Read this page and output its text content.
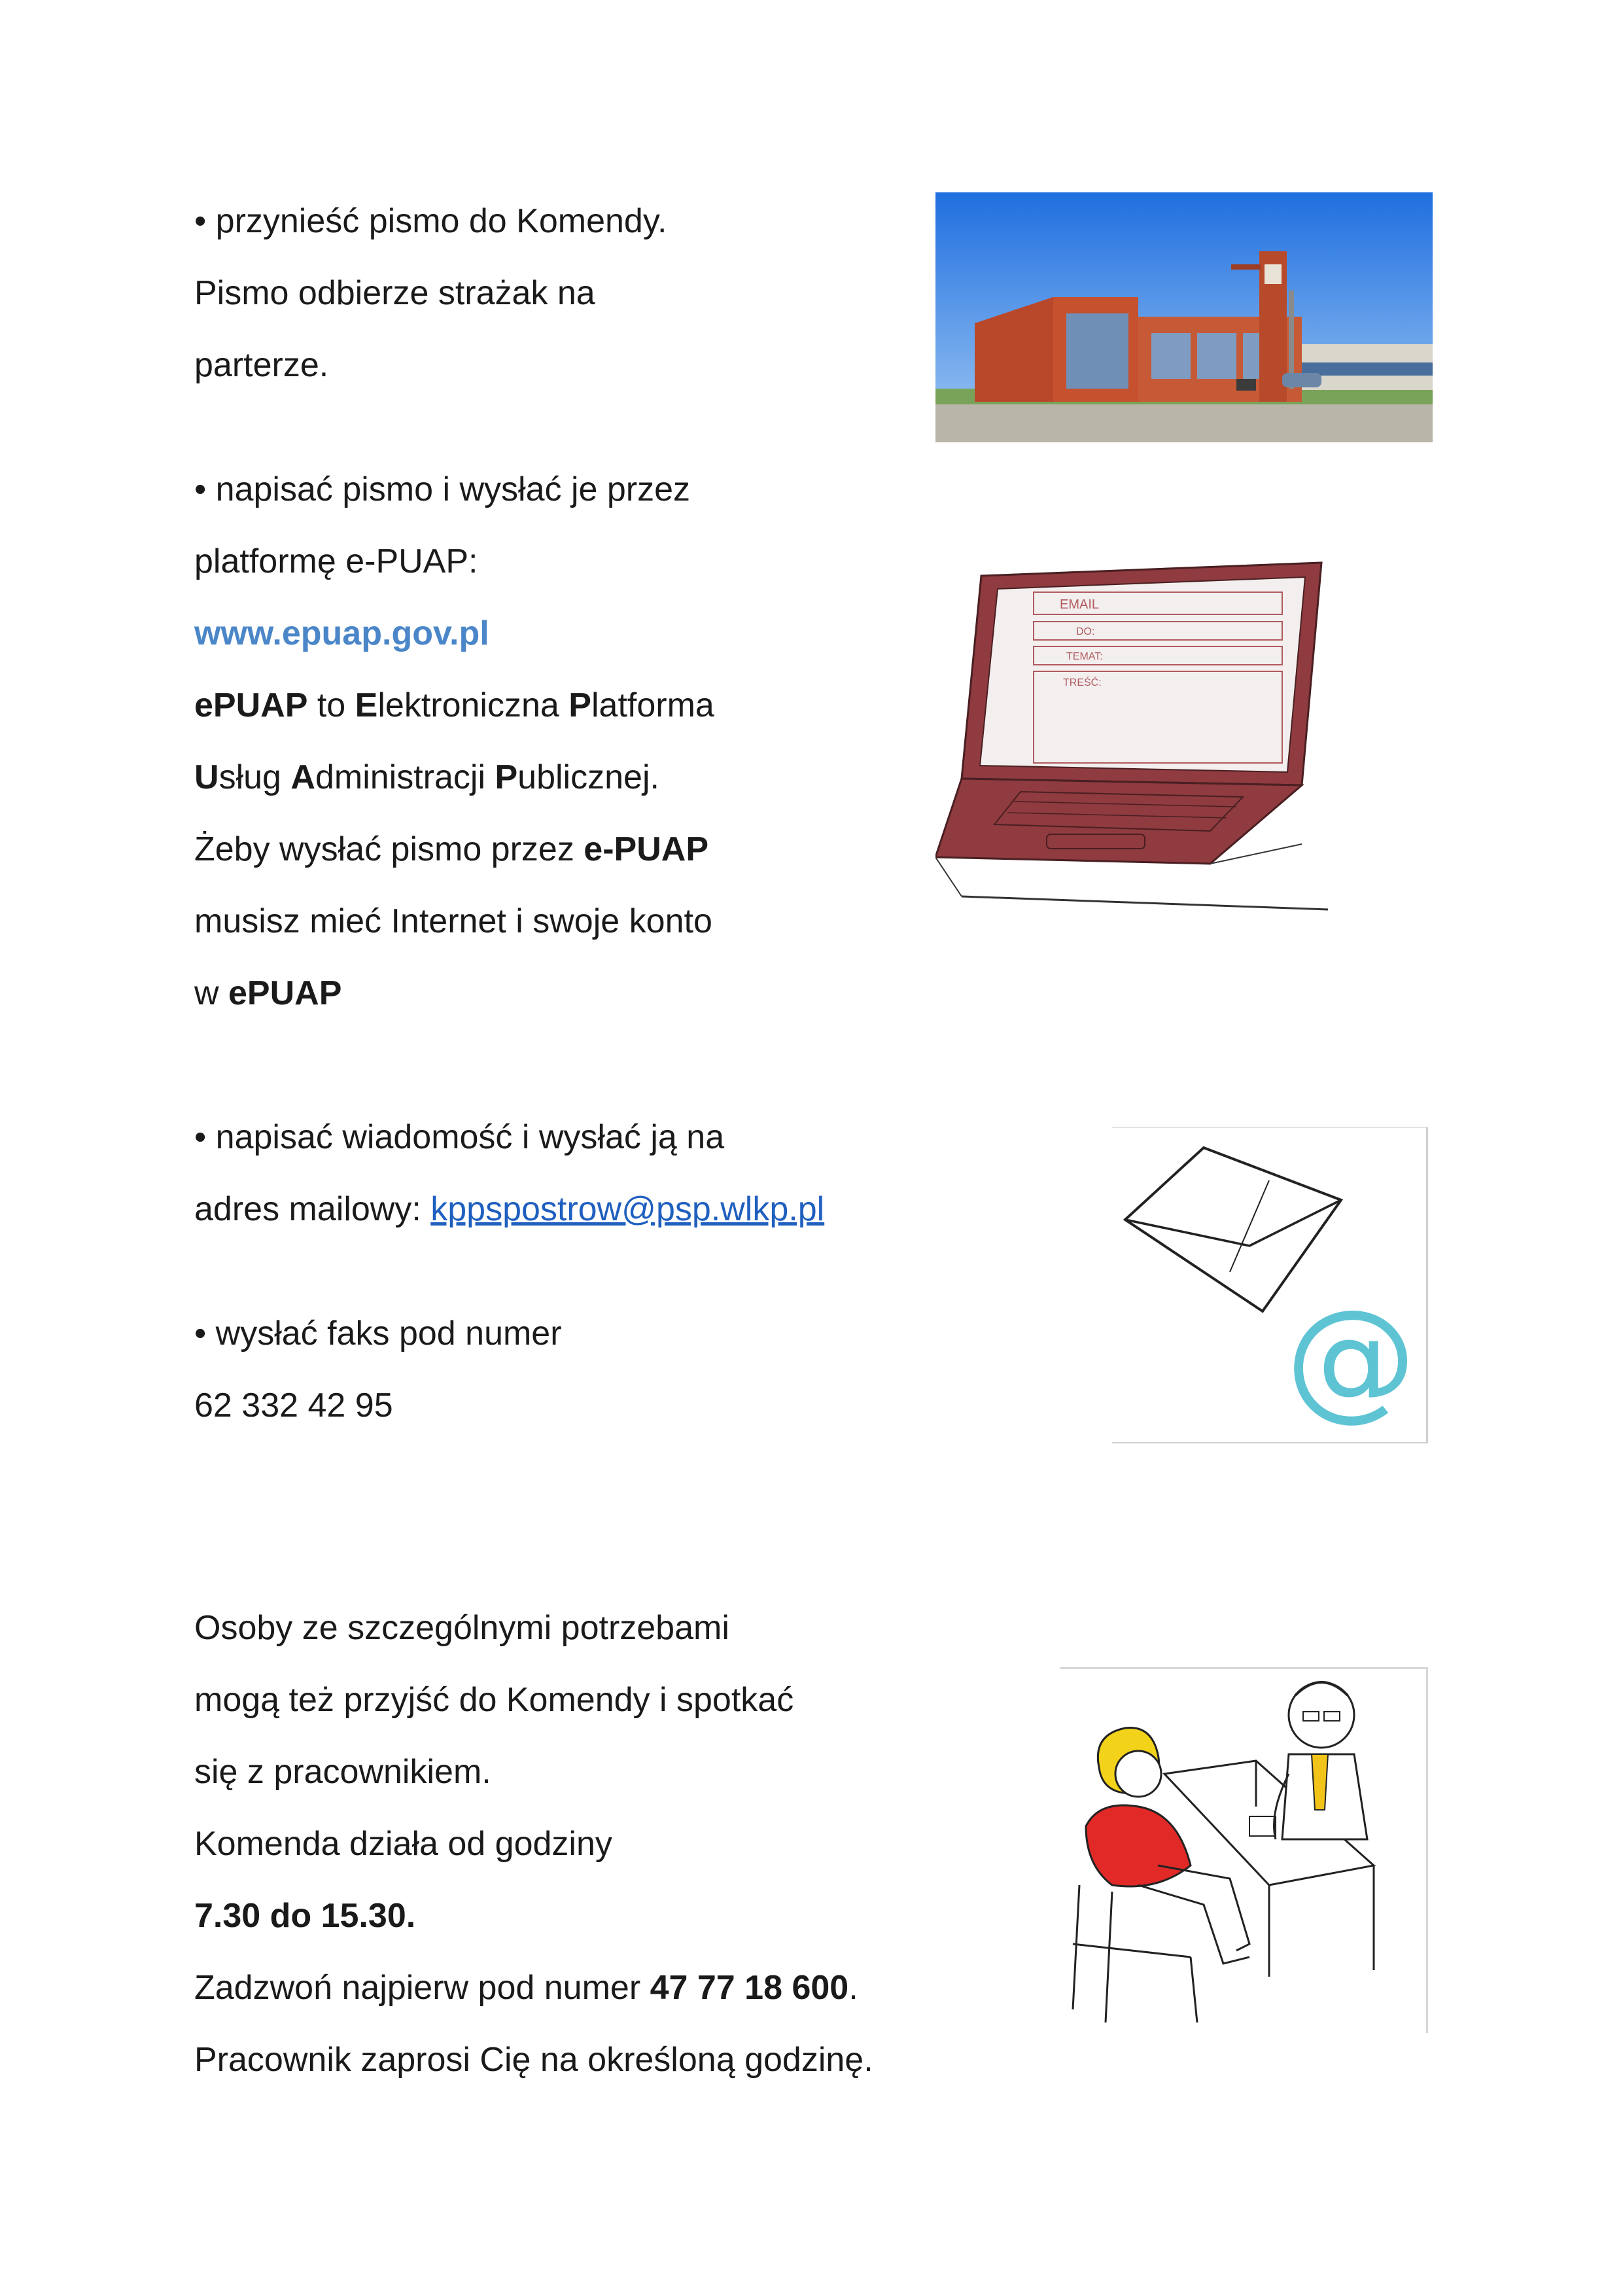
• przynieść pismo do Komendy.

Pismo odbierze strażak na

parterze.

• napisać pismo i wysłać je przez

platformę e-PUAP:

www.epuap.gov.pl

ePUAP to Elektroniczna Platforma

Usług Administracji Publicznej.

Żeby wysłać pismo przez e-PUAP

musisz mieć Internet i swoje konto

w ePUAP

• napisać wiadomość i wysłać ją na

adres mailowy: kppspostrow@psp.wlkp.pl

• wysłać faks pod numer

62 332 42 95

Osoby ze szczególnymi potrzebami

mogą też przyjść do Komendy i spotkać

się z pracownikiem.

Komenda działa od godziny

7.30 do 15.30.

Zadzwoń najpierw pod numer 47 77 18 600.

Pracownik zaprosi Cię na określoną godzinę.

EMAIL
DO:
TEMAT:
TREŚĆ:
@
